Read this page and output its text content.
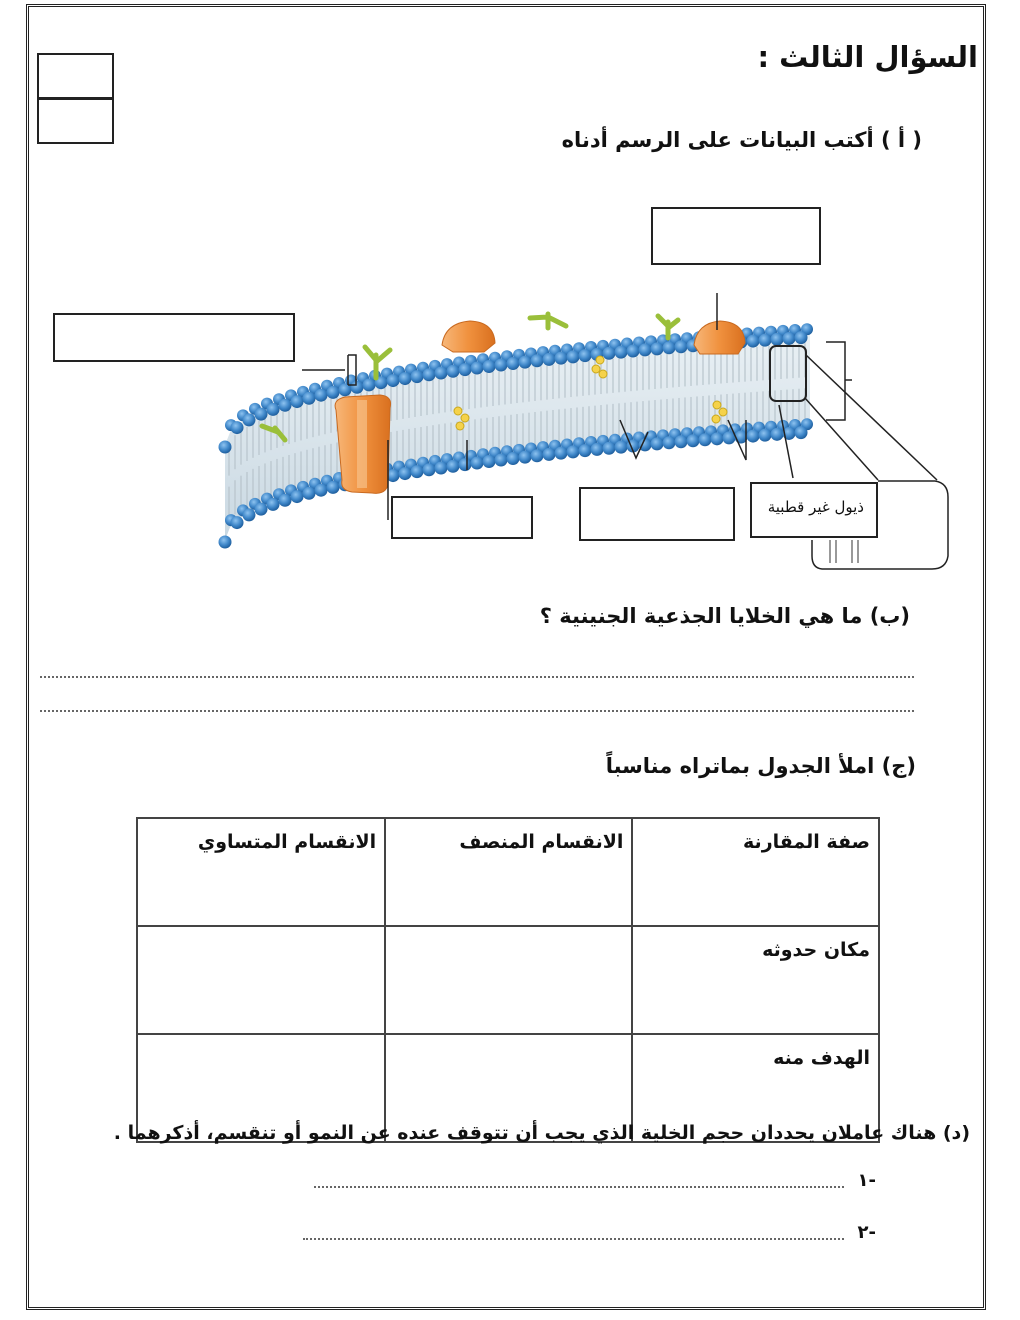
السؤال الثالث :
( أ ) أكتب البيانات على الرسم أدناه
ذيول غير قطبية
(ب) ما هي الخلايا الجذعية الجنينية ؟
(ج) املأ الجدول بماتراه مناسباً
صفة المقارنة	الانقسام المنصف	الانقسام المتساوي
مكان حدوثه		
الهدف منه		
(د) هناك عاملان يحددان حجم الخلية الذي يجب أن تتوقف عنده عن النمو أو تنقسم، أذكرهما .
-١
-٢
